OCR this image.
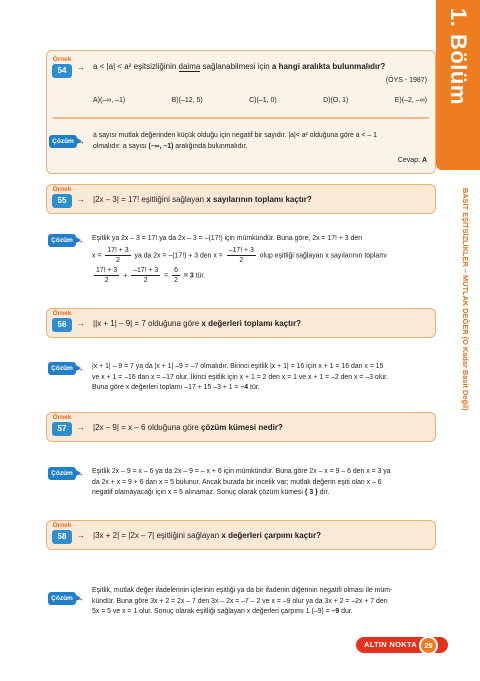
1. Bölüm
BASİT EŞİTSİZLİKLER – MUTLAK DEĞER (O Kadar Basit Değil)
Örnek
54	→ a < |a| < a² eşitsizliğinin daima sağlanabilmesi için a hangi aralıkta bulunmalıdır?
(ÖYS - 1987)
A)(–∞, –1)	B)(–12, 5)	C)(–1, 0)	D)(O, 1)	E)(–2, –∞)
Çözüm →
a sayısı mutlak değerinden küçük olduğu için negatif bir sayıdır. |a|< a² olduğuna göre a < – 1
olmalıdır. a sayısı (–∞, –1) aralığında bulunmalıdır.
Cevap: A
Örnek
55	→ |2x – 3| = 17! eşitliğini sağlayan x sayılarının toplamı kaçtır?
Çözüm → Eşitlik ya 2x – 3 = 17! ya da 2x – 3 = –(17!) için mümkündür. Buna göre, 2x = 17! + 3 den
$x = \frac{17! + 3}{2}$ ya da 2x = –(17!) + 3 den $x = \frac{-17! + 3}{2}$ olup eşitliği sağlayan x sayılarının toplamı
$\frac{17! + 3}{2} + \frac{-17! + 3}{2} = \frac{6}{2} = 3$ tür.
Örnek
56	→ ||x + 1| – 9| = 7 olduğuna göre x değerleri toplamı kaçtır?
Çözüm → |x + 1| – 9 = 7 ya da |x + 1| –9 = –7 olmalıdır. Birinci eşitlik |x + 1| = 16 için x + 1 = 16 dan x = 15
ve x + 1 = –16 dan x = –17 olur. İkinci eşitlik için x + 1 = 2 den x = 1 ve x + 1 = –2 den x = –3 olur.
Buna göre x değerleri toplamı –17 + 15 –3 + 1 = –4 tür.
Örnek
57	→ |2x – 9| = x – 6 olduğuna göre çözüm kümesi nedir?
Çözüm → Eşitlik 2x – 9 = x – 6 ya da 2x – 9 = – x + 6 için mümkündür. Buna göre 2x – x = 9 – 6 den x = 3 ya
da 2x + x = 9 + 6 dan x = 5 bulunur. Ancak burada bir incelik var; mutlak değerin eşiti olan x – 6
negatif olamayacağı için x = 5 alınamaz. Sonuç olarak çözüm kümesi { 3 } dır.
Örnek
58	→ |3x + 2| = |2x – 7| eşitliğini sağlayan x değerleri çarpımı kaçtır?
Çözüm →
Eşitlik, mutlak değer ifadelerinin içlerinin eşitliği ya da bir ifadenin diğerinin negatifi olması ile müm-
kündür. Buna göre 3x + 2 = 2x – 7 den 3x – 2x = –7 – 2 ve x = –9 olur ya da 3x + 2 = –2x + 7 den
5x = 5 ve x = 1 olur. Sonuç olarak eşitliği sağlayan x değerleri çarpımı 1.(–9) = –9 dur.
ALTIN NOKTA 29
